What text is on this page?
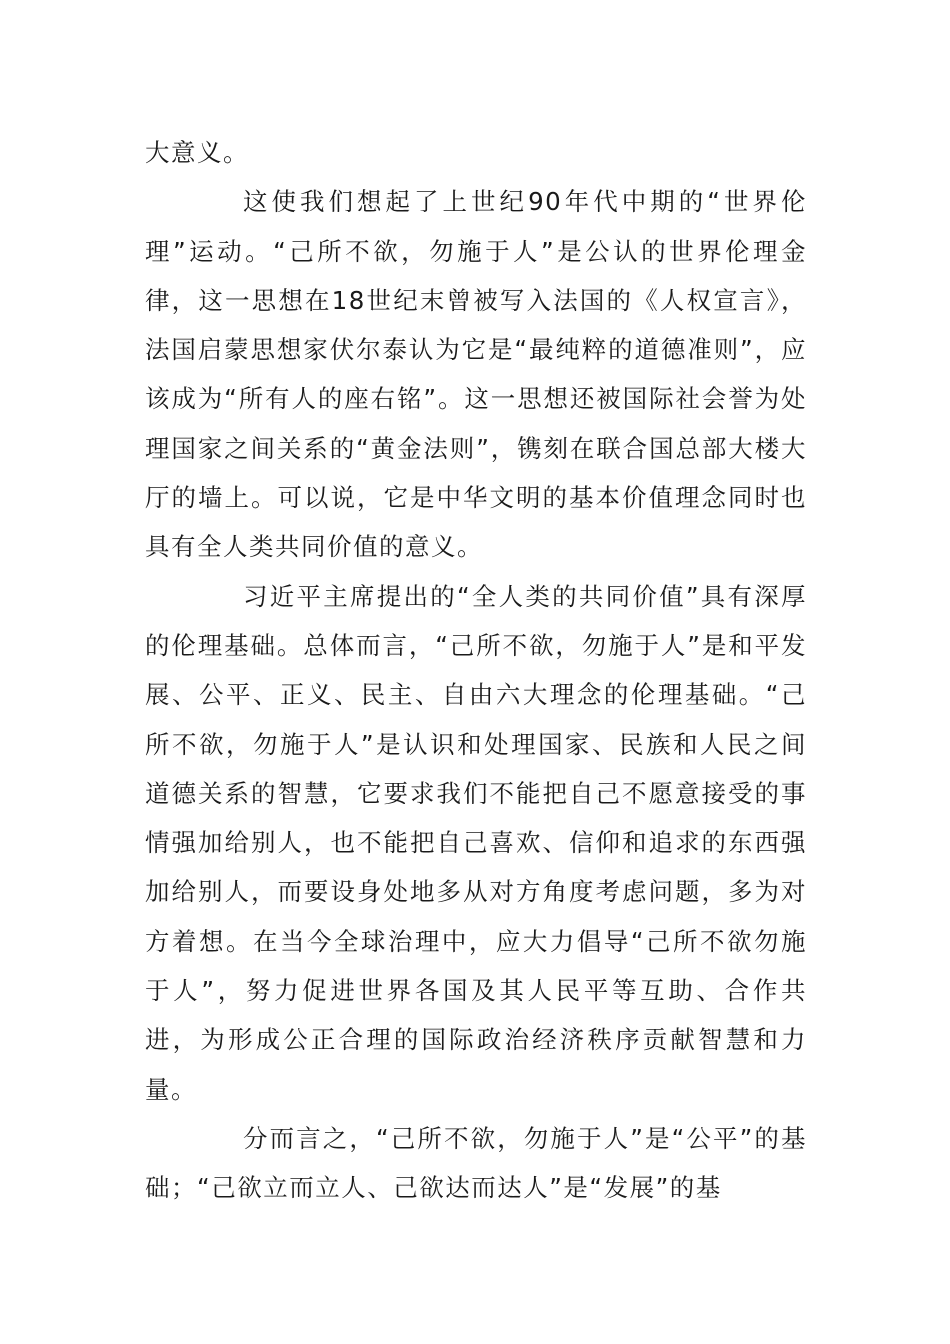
大意义。

这使我们想起了上世纪90年代中期的“世界伦理”运动。“己所不欲，勿施于人”是公认的世界伦理金律，这一思想在18世纪末曾被写入法国的《人权宣言》，法国启蒙思想家伏尔泰认为它是“最纯粹的道德准则”，应该成为“所有人的座右铭”。这一思想还被国际社会誉为处理国家之间关系的“黄金法则”，镌刻在联合国总部大楼大厅的墙上。可以说，它是中华文明的基本价值理念同时也具有全人类共同价值的意义。

习近平主席提出的“全人类的共同价值”具有深厚的伦理基础。总体而言，“己所不欲，勿施于人”是和平发展、公平、正义、民主、自由六大理念的伦理基础。“己所不欲，勿施于人”是认识和处理国家、民族和人民之间道德关系的智慧，它要求我们不能把自己不愿意接受的事情强加给别人，也不能把自己喜欢、信仰和追求的东西强加给别人，而要设身处地多从对方角度考虑问题，多为对方着想。在当今全球治理中，应大力倡导“己所不欲勿施于人”，努力促进世界各国及其人民平等互助、合作共进，为形成公正合理的国际政治经济秩序贡献智慧和力量。

分而言之，“己所不欲，勿施于人”是“公平”的基础；“己欲立而立人、己欲达而达人”是“发展”的基
